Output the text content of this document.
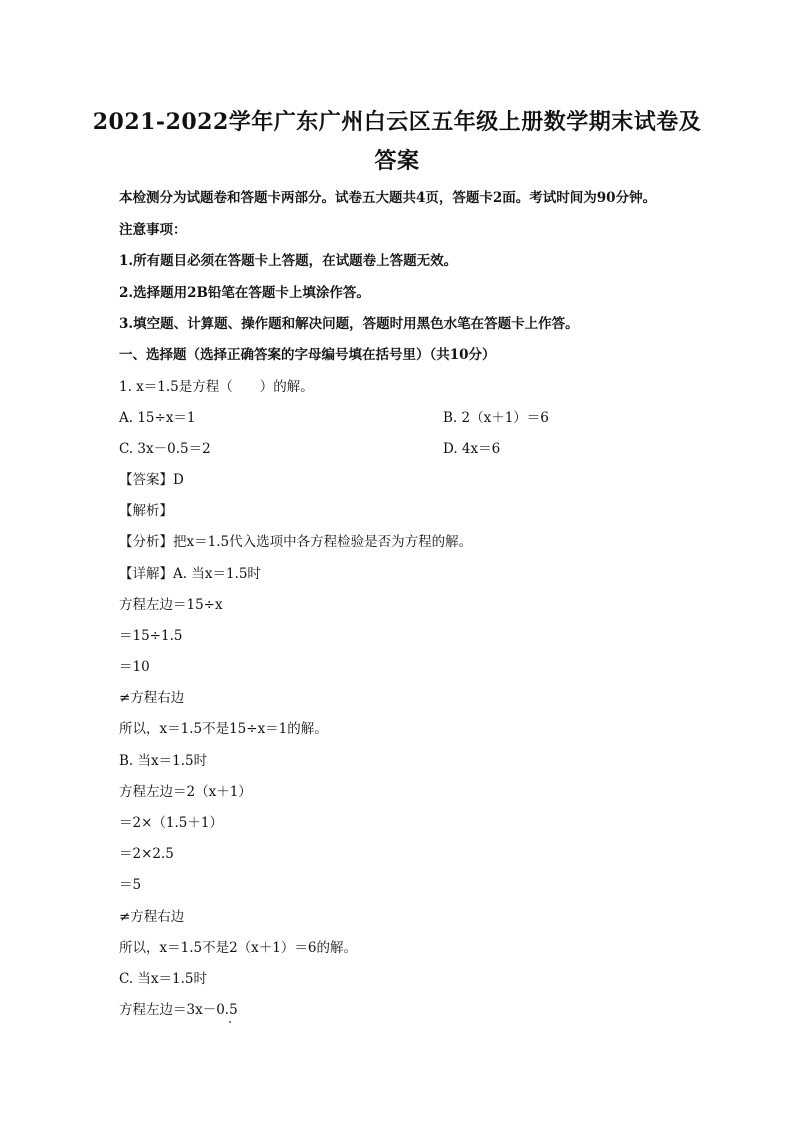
2021-2022学年广东广州白云区五年级上册数学期末试卷及
答案
本检测分为试题卷和答题卡两部分。试卷五大题共4页，答题卡2面。考试时间为90分钟。
注意事项：
1.所有题目必须在答题卡上答题，在试题卷上答题无效。
2.选择题用2B铅笔在答题卡上填涂作答。
3.填空题、计算题、操作题和解决问题，答题时用黑色水笔在答题卡上作答。
一、选择题（选择正确答案的字母编号填在括号里）（共10分）
1. x＝1.5是方程（　　）的解。
A. 15÷x＝1	B. 2（x＋1）＝6
C. 3x－0.5＝2	D. 4x＝6
【答案】D
【解析】
【分析】把x＝1.5代入选项中各方程检验是否为方程的解。
【详解】A. 当x＝1.5时
方程左边＝15÷x
＝15÷1.5
＝10
≠方程右边
所以，x＝1.5不是15÷x＝1的解。
B. 当x＝1.5时
方程左边＝2（x＋1）
＝2×（1.5＋1）
＝2×2.5
＝5
≠方程右边
所以，x＝1.5不是2（x＋1）＝6的解。
C. 当x＝1.5时
方程左边＝3x－0.5
